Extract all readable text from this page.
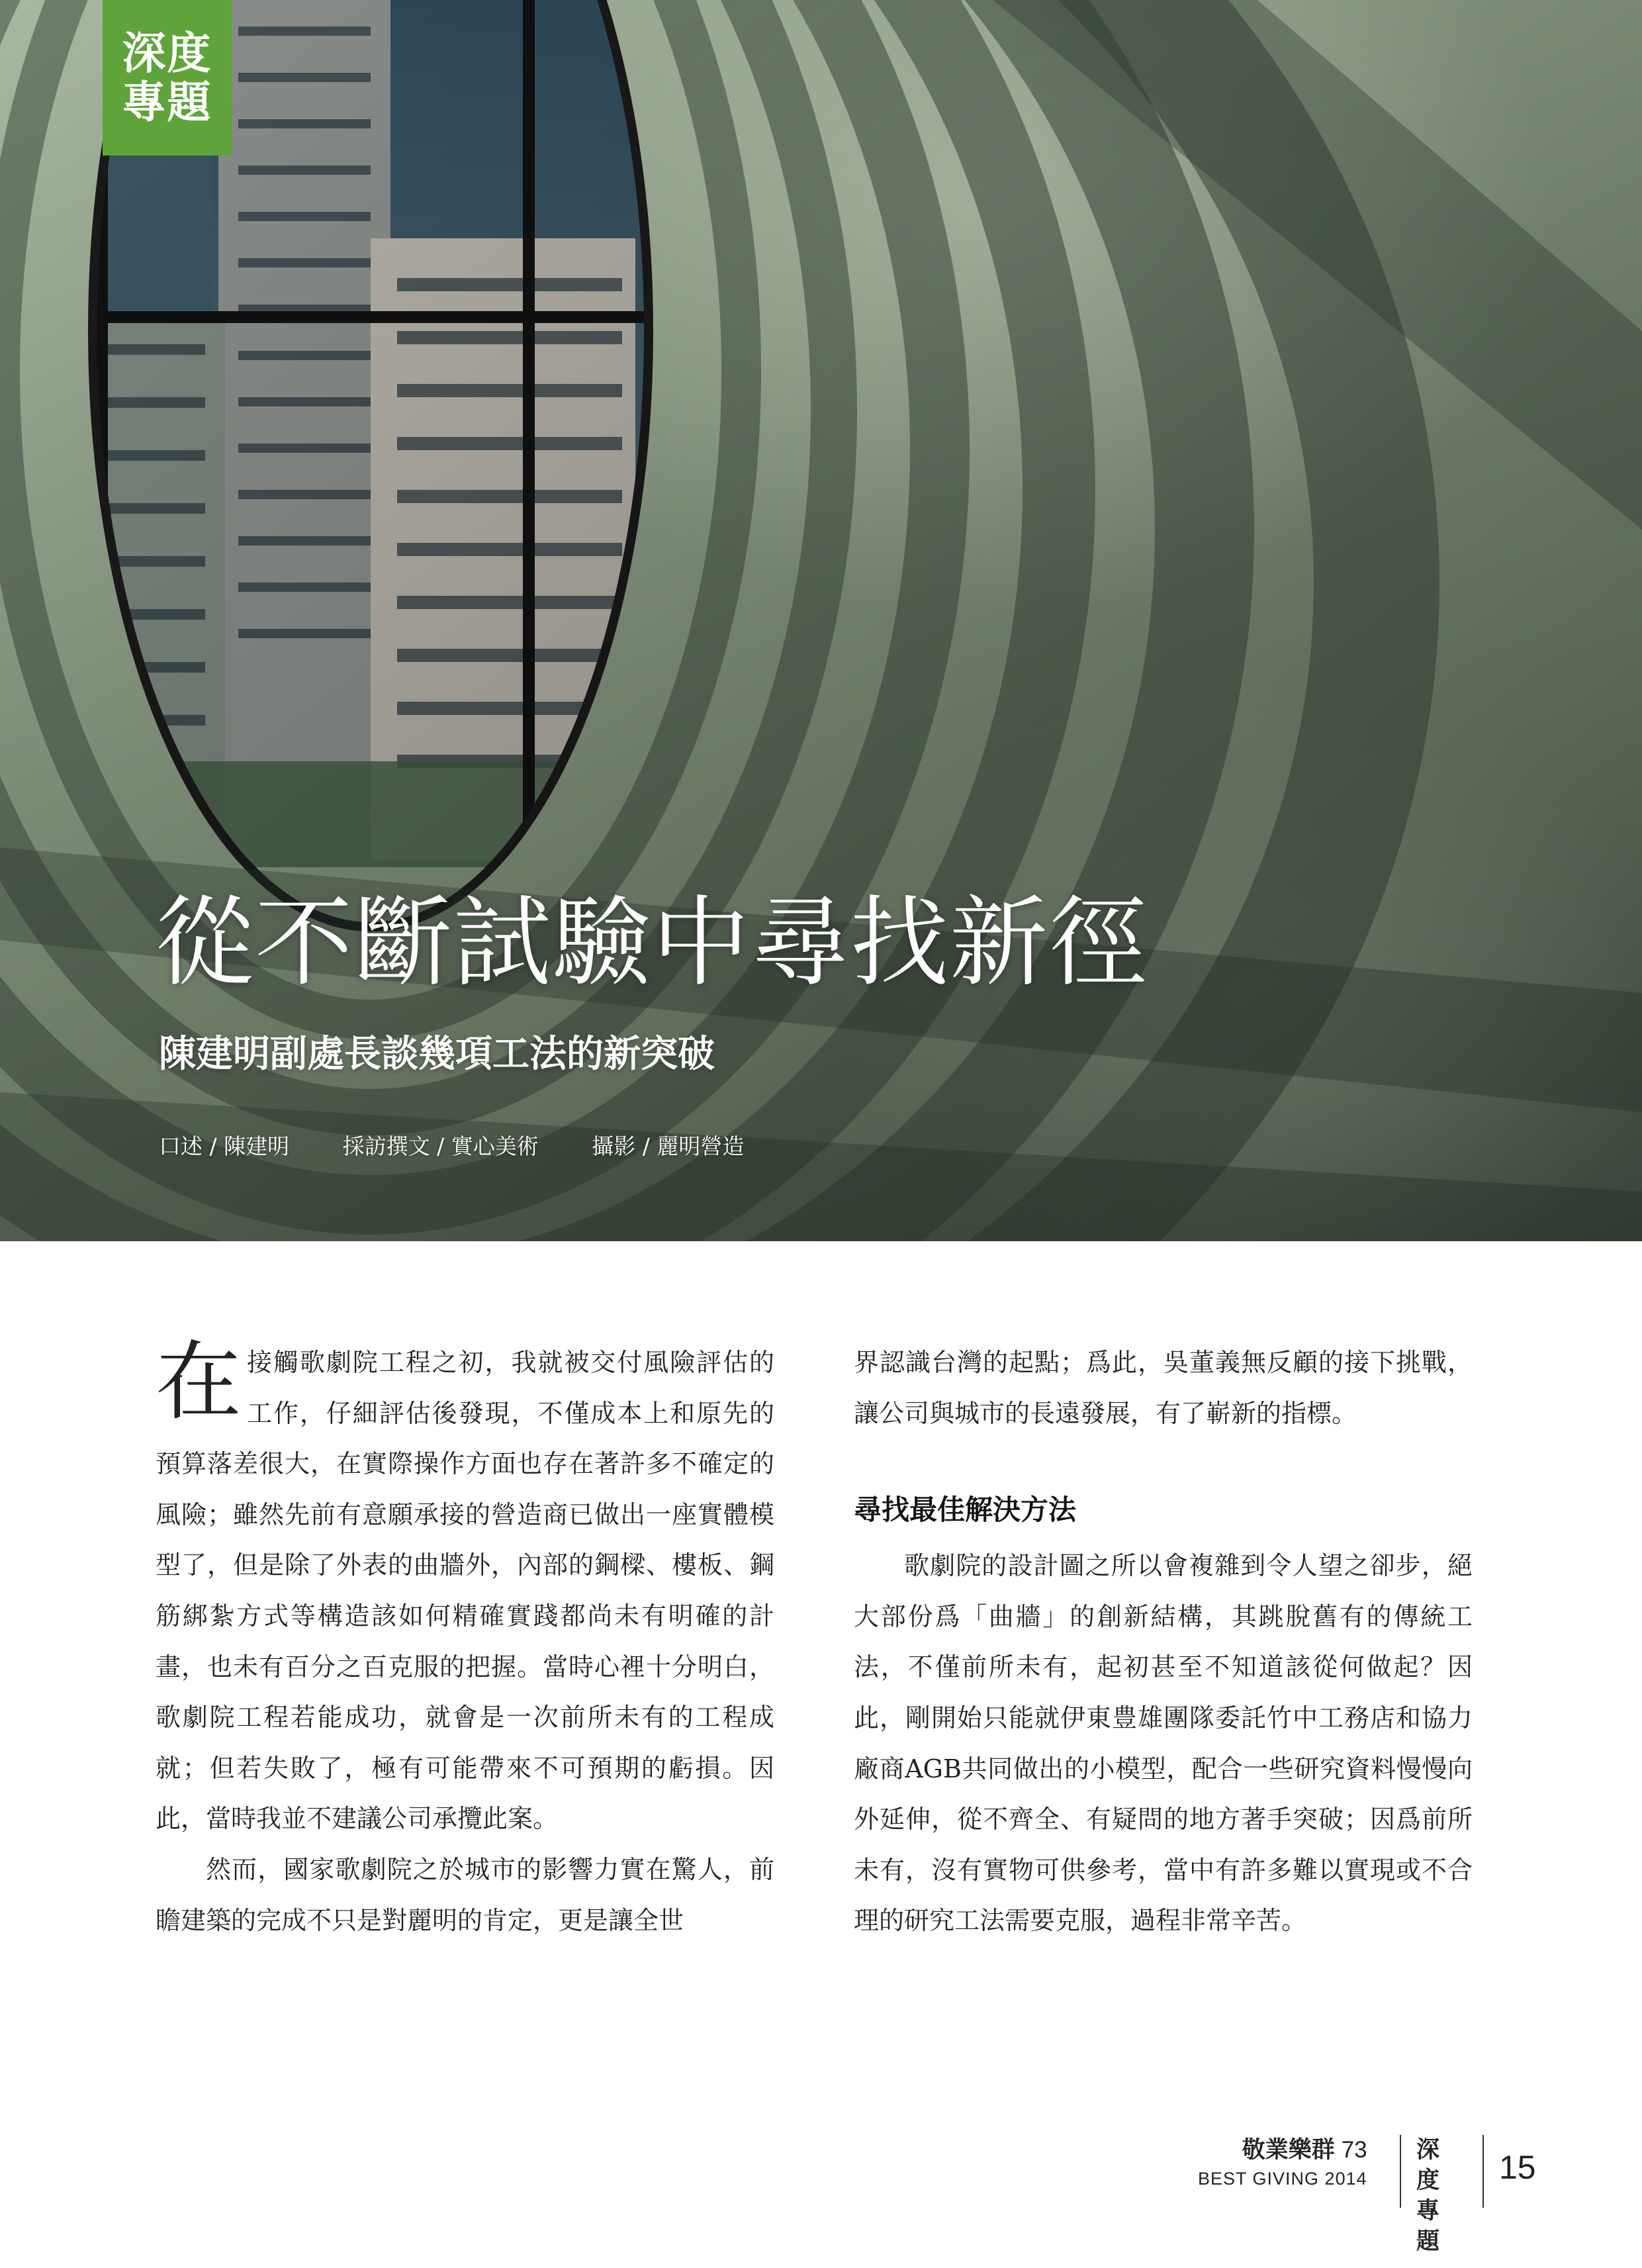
深度
專題
從不斷試驗中尋找新徑
陳建明副處長談幾項工法的新突破
口述 / 陳建明 採訪撰文 / 實心美術 攝影 / 麗明營造

在接觸歌劇院工程之初，我就被交付風險評估的工作，仔細評估後發現，不僅成本上和原先的預算落差很大，在實際操作方面也存在著許多不確定的風險；雖然先前有意願承接的營造商已做出一座實體模型了，但是除了外表的曲牆外，內部的鋼樑、樓板、鋼筋綁紮方式等構造該如何精確實踐都尚未有明確的計畫，也未有百分之百克服的把握。當時心裡十分明白，歌劇院工程若能成功，就會是一次前所未有的工程成就；但若失敗了，極有可能帶來不可預期的虧損。因此，當時我並不建議公司承攬此案。

然而，國家歌劇院之於城市的影響力實在驚人，前瞻建築的完成不只是對麗明的肯定，更是讓全世

界認識台灣的起點；爲此，吳董義無反顧的接下挑戰，讓公司與城市的長遠發展，有了嶄新的指標。

尋找最佳解決方法

歌劇院的設計圖之所以會複雜到令人望之卻步，絕大部份爲「曲牆」的創新結構，其跳脫舊有的傳統工法，不僅前所未有，起初甚至不知道該從何做起？因此，剛開始只能就伊東豊雄團隊委託竹中工務店和協力廠商AGB共同做出的小模型，配合一些研究資料慢慢向外延伸，從不齊全、有疑問的地方著手突破；因爲前所未有，沒有實物可供參考，當中有許多難以實現或不合理的研究工法需要克服，過程非常辛苦。

敬業樂群 73
BEST GIVING 2014
深度
專題
15
